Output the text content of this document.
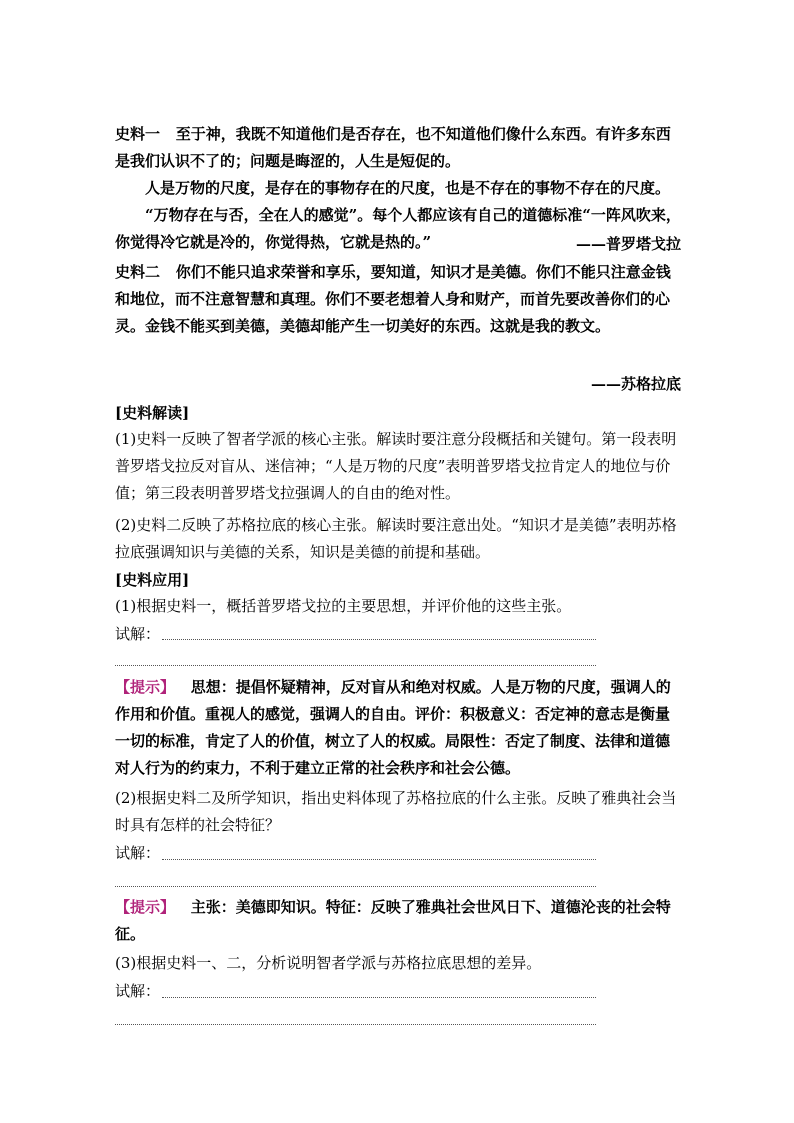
史料一 至于神，我既不知道他们是否存在，也不知道他们像什么东西。有许多东西是我们认识不了的；问题是晦涩的，人生是短促的。
人是万物的尺度，是存在的事物存在的尺度，也是不存在的事物不存在的尺度。
“万物存在与否，全在人的感觉”。每个人都应该有自己的道德标准“一阵风吹来，你觉得冷它就是冷的，你觉得热，它就是热的。”	——普罗塔戈拉
史料二 你们不能只追求荣誉和享乐，要知道，知识才是美德。你们不能只注意金钱和地位，而不注意智慧和真理。你们不要老想着人身和财产，而首先要改善你们的心灵。金钱不能买到美德，美德却能产生一切美好的东西。这就是我的教文。
——苏格拉底
[史料解读]
(1)史料一反映了智者学派的核心主张。解读时要注意分段概括和关键句。第一段表明普罗塔戈拉反对盲从、迷信神；“人是万物的尺度”表明普罗塔戈拉肯定人的地位与价值；第三段表明普罗塔戈拉强调人的自由的绝对性。
(2)史料二反映了苏格拉底的核心主张。解读时要注意出处。“知识才是美德”表明苏格拉底强调知识与美德的关系，知识是美德的前提和基础。
[史料应用]
(1)根据史料一，概括普罗塔戈拉的主要思想，并评价他的这些主张。
试解：
【提示】 思想：提倡怀疑精神，反对盲从和绝对权威。人是万物的尺度，强调人的作用和价值。重视人的感觉，强调人的自由。评价：积极意义：否定神的意志是衡量一切的标准，肯定了人的价值，树立了人的权威。局限性：否定了制度、法律和道德对人行为的约束力，不利于建立正常的社会秩序和社会公德。
(2)根据史料二及所学知识，指出史料体现了苏格拉底的什么主张。反映了雅典社会当时具有怎样的社会特征？
试解：
【提示】 主张：美德即知识。特征：反映了雅典社会世风日下、道德沦丧的社会特征。
(3)根据史料一、二，分析说明智者学派与苏格拉底思想的差异。
试解：
